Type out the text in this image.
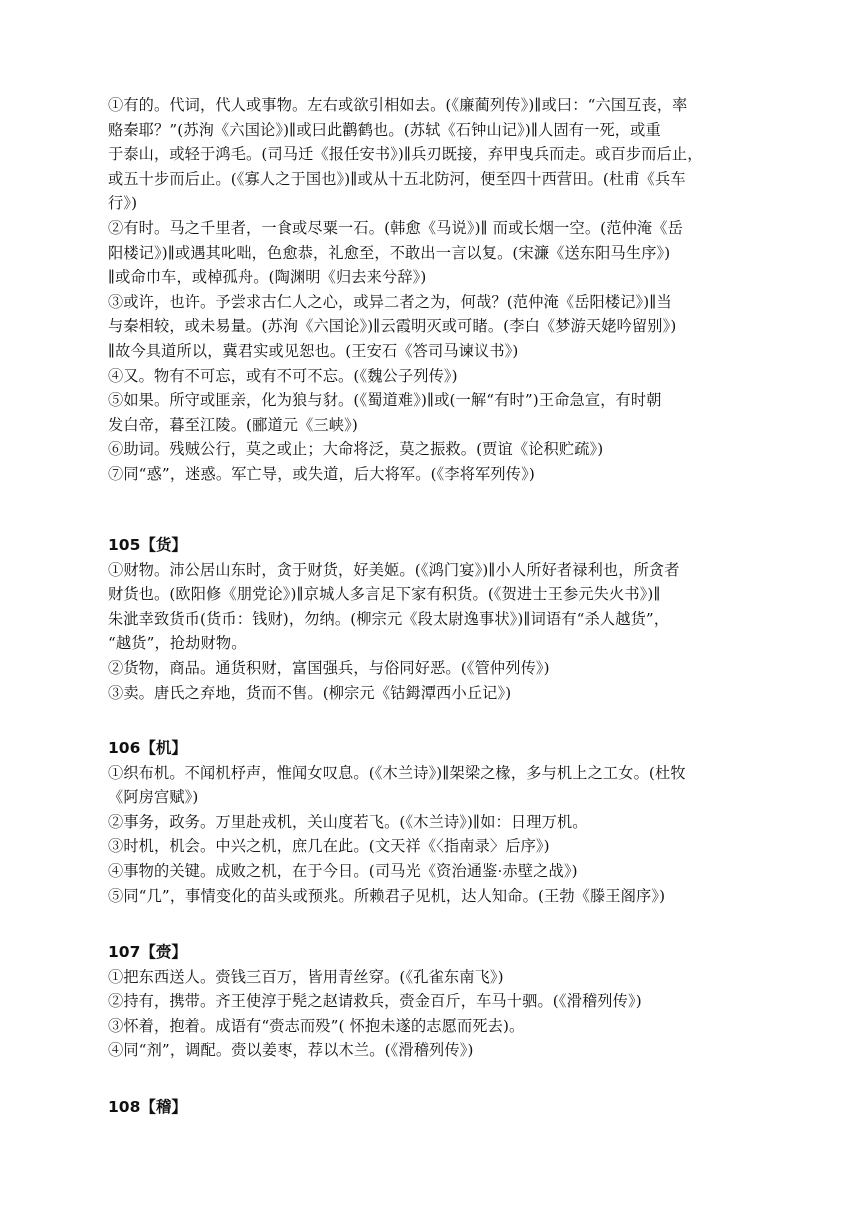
①有的。代词，代人或事物。左右或欲引相如去。(《廉蔺列传》)∥或曰：“六国互丧，率
赂秦耶？”(苏洵《六国论》)∥或曰此鹳鹤也。(苏轼《石钟山记》)∥人固有一死，或重
于泰山，或轻于鸿毛。(司马迁《报任安书》)∥兵刃既接，弃甲曳兵而走。或百步而后止，
或五十步而后止。(《寡人之于国也》)∥或从十五北防河，便至四十西营田。(杜甫《兵车
行》)
②有时。马之千里者，一食或尽粟一石。(韩愈《马说》)∥ 而或长烟一空。(范仲淹《岳
阳楼记》)∥或遇其叱咄，色愈恭，礼愈至，不敢出一言以复。(宋濂《送东阳马生序》)
∥或命巾车，或棹孤舟。(陶渊明《归去来兮辞》)
③或许，也许。予尝求古仁人之心，或异二者之为，何哉？(范仲淹《岳阳楼记》)∥当
与秦相较，或未易量。(苏洵《六国论》)∥云霞明灭或可睹。(李白《梦游天姥吟留别》)
∥故今具道所以，冀君实或见恕也。(王安石《答司马谏议书》)
④又。物有不可忘，或有不可不忘。(《魏公子列传》)
⑤如果。所守或匪亲，化为狼与豺。(《蜀道难》)∥或(一解“有时”)王命急宣，有时朝
发白帝，暮至江陵。(郦道元《三峡》)
⑥助词。残贼公行，莫之或止；大命将泛，莫之振救。(贾谊《论积贮疏》)
⑦同“惑”，迷惑。军亡导，或失道，后大将军。(《李将军列传》)
105【货】
①财物。沛公居山东时，贪于财货，好美姬。(《鸿门宴》)∥小人所好者禄利也，所贪者
财货也。(欧阳修《朋党论》)∥京城人多言足下家有积货。(《贺进士王参元失火书》)∥
朱泚幸致货币(货币：钱财)，勿纳。(柳宗元《段太尉逸事状》)∥词语有“杀人越货”，
“越货”，抢劫财物。
②货物，商品。通货积财，富国强兵，与俗同好恶。(《管仲列传》)
③卖。唐氏之弃地，货而不售。(柳宗元《钴鉧潭西小丘记》)
106【机】
①织布机。不闻机杼声，惟闻女叹息。(《木兰诗》)∥架梁之椽，多与机上之工女。(杜牧
《阿房宫赋》)
②事务，政务。万里赴戎机，关山度若飞。(《木兰诗》)∥如：日理万机。
③时机，机会。中兴之机，庶几在此。(文天祥《〈指南录〉后序》)
④事物的关键。成败之机，在于今日。(司马光《资治通鉴·赤壁之战》)
⑤同“几”，事情变化的苗头或预兆。所赖君子见机，达人知命。(王勃《滕王阁序》)
107【赍】
①把东西送人。赍钱三百万，皆用青丝穿。(《孔雀东南飞》)
②持有，携带。齐王使淳于髡之赵请救兵，赍金百斤，车马十驷。(《滑稽列传》)
③怀着，抱着。成语有“赍志而殁”( 怀抱未遂的志愿而死去)。
④同“剂”，调配。赍以姜枣，荐以木兰。(《滑稽列传》)
108【稽】
